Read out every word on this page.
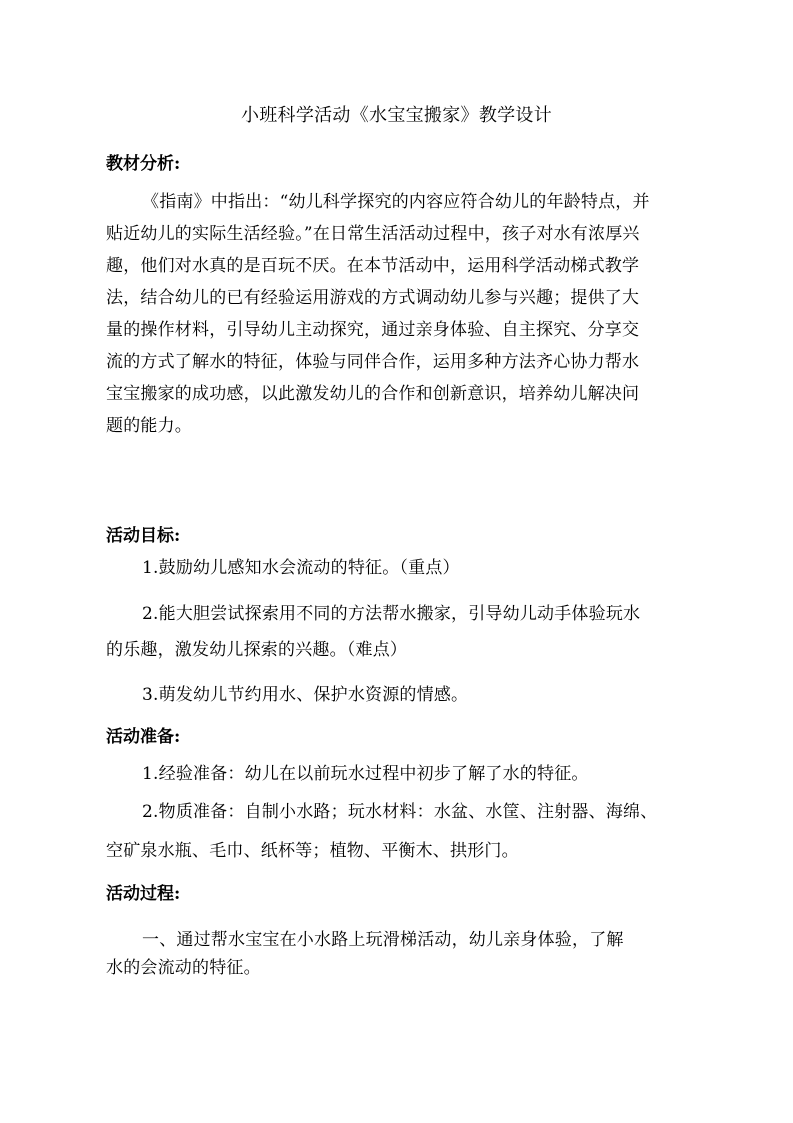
小班科学活动《水宝宝搬家》教学设计
教材分析:
《指南》中指出：“幼儿科学探究的内容应符合幼儿的年龄特点，并
贴近幼儿的实际生活经验。”在日常生活活动过程中，孩子对水有浓厚兴
趣，他们对水真的是百玩不厌。在本节活动中，运用科学活动梯式教学
法，结合幼儿的已有经验运用游戏的方式调动幼儿参与兴趣；提供了大
量的操作材料，引导幼儿主动探究，通过亲身体验、自主探究、分享交
流的方式了解水的特征，体验与同伴合作，运用多种方法齐心协力帮水
宝宝搬家的成功感，以此激发幼儿的合作和创新意识，培养幼儿解决问
题的能力。
活动目标:
1.鼓励幼儿感知水会流动的特征。（重点）
2.能大胆尝试探索用不同的方法帮水搬家，引导幼儿动手体验玩水
的乐趣，激发幼儿探索的兴趣。（难点）
3.萌发幼儿节约用水、保护水资源的情感。
活动准备:
1.经验准备：幼儿在以前玩水过程中初步了解了水的特征。
2.物质准备：自制小水路；玩水材料：水盆、水筐、注射器、海绵、
空矿泉水瓶、毛巾、纸杯等；植物、平衡木、拱形门。
活动过程:
一、通过帮水宝宝在小水路上玩滑梯活动，幼儿亲身体验，了解
水的会流动的特征。
